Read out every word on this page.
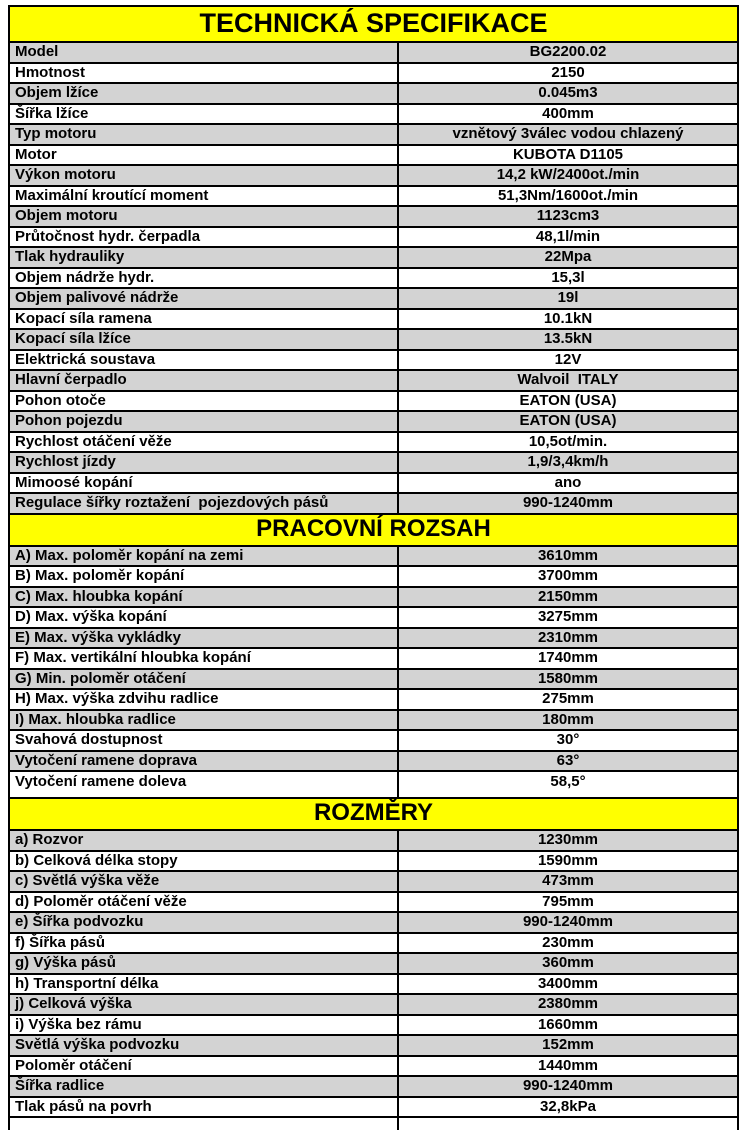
TECHNICKÁ SPECIFIKACE	
Model	BG2200.02
Hmotnost	2150
Objem lžíce	0.045m3
Šířka lžíce	400mm
Typ motoru	vznětový 3válec vodou chlazený
Motor	KUBOTA D1105
Výkon motoru	14,2 kW/2400ot./min
Maximální kroutící moment	51,3Nm/1600ot./min
Objem motoru	1123cm3
Průtočnost hydr. čerpadla	48,1l/min
Tlak hydrauliky	22Mpa
Objem nádrže hydr.	15,3l
Objem palivové nádrže	19l
Kopací síla ramena	10.1kN
Kopací síla lžíce	13.5kN
Elektrická soustava	12V
Hlavní čerpadlo	Walvoil  ITALY
Pohon otoče	EATON (USA)
Pohon pojezdu	EATON (USA)
Rychlost otáčení věže	10,5ot/min.
Rychlost jízdy	1,9/3,4km/h
Mimoosé kopání	ano
Regulace šířky roztažení  pojezdových pásů	990-1240mm
PRACOVNÍ ROZSAH	
A) Max. poloměr kopání na zemi	3610mm
B) Max. poloměr kopání	3700mm
C) Max. hloubka kopání	2150mm
D) Max. výška kopání	3275mm
E) Max. výška vykládky	2310mm
F) Max. vertikální hloubka kopání	1740mm
G) Min. poloměr otáčení	1580mm
H) Max. výška zdvihu radlice	275mm
I) Max. hloubka radlice	180mm
Svahová dostupnost	30°
Vytočení ramene doprava	63°
Vytočení ramene doleva	58,5°
ROZMĚRY	
a) Rozvor	1230mm
b) Celková délka stopy	1590mm
c) Světlá výška věže	473mm
d) Poloměr otáčení věže	795mm
e) Šířka podvozku	990-1240mm
f) Šířka pásů	230mm
g) Výška pásů	360mm
h) Transportní délka	3400mm
j) Celková výška	2380mm
i) Výška bez rámu	1660mm
Světlá výška podvozku	152mm
Poloměr otáčení	1440mm
Šířka radlice	990-1240mm
Tlak pásů na povrh	32,8kPa
